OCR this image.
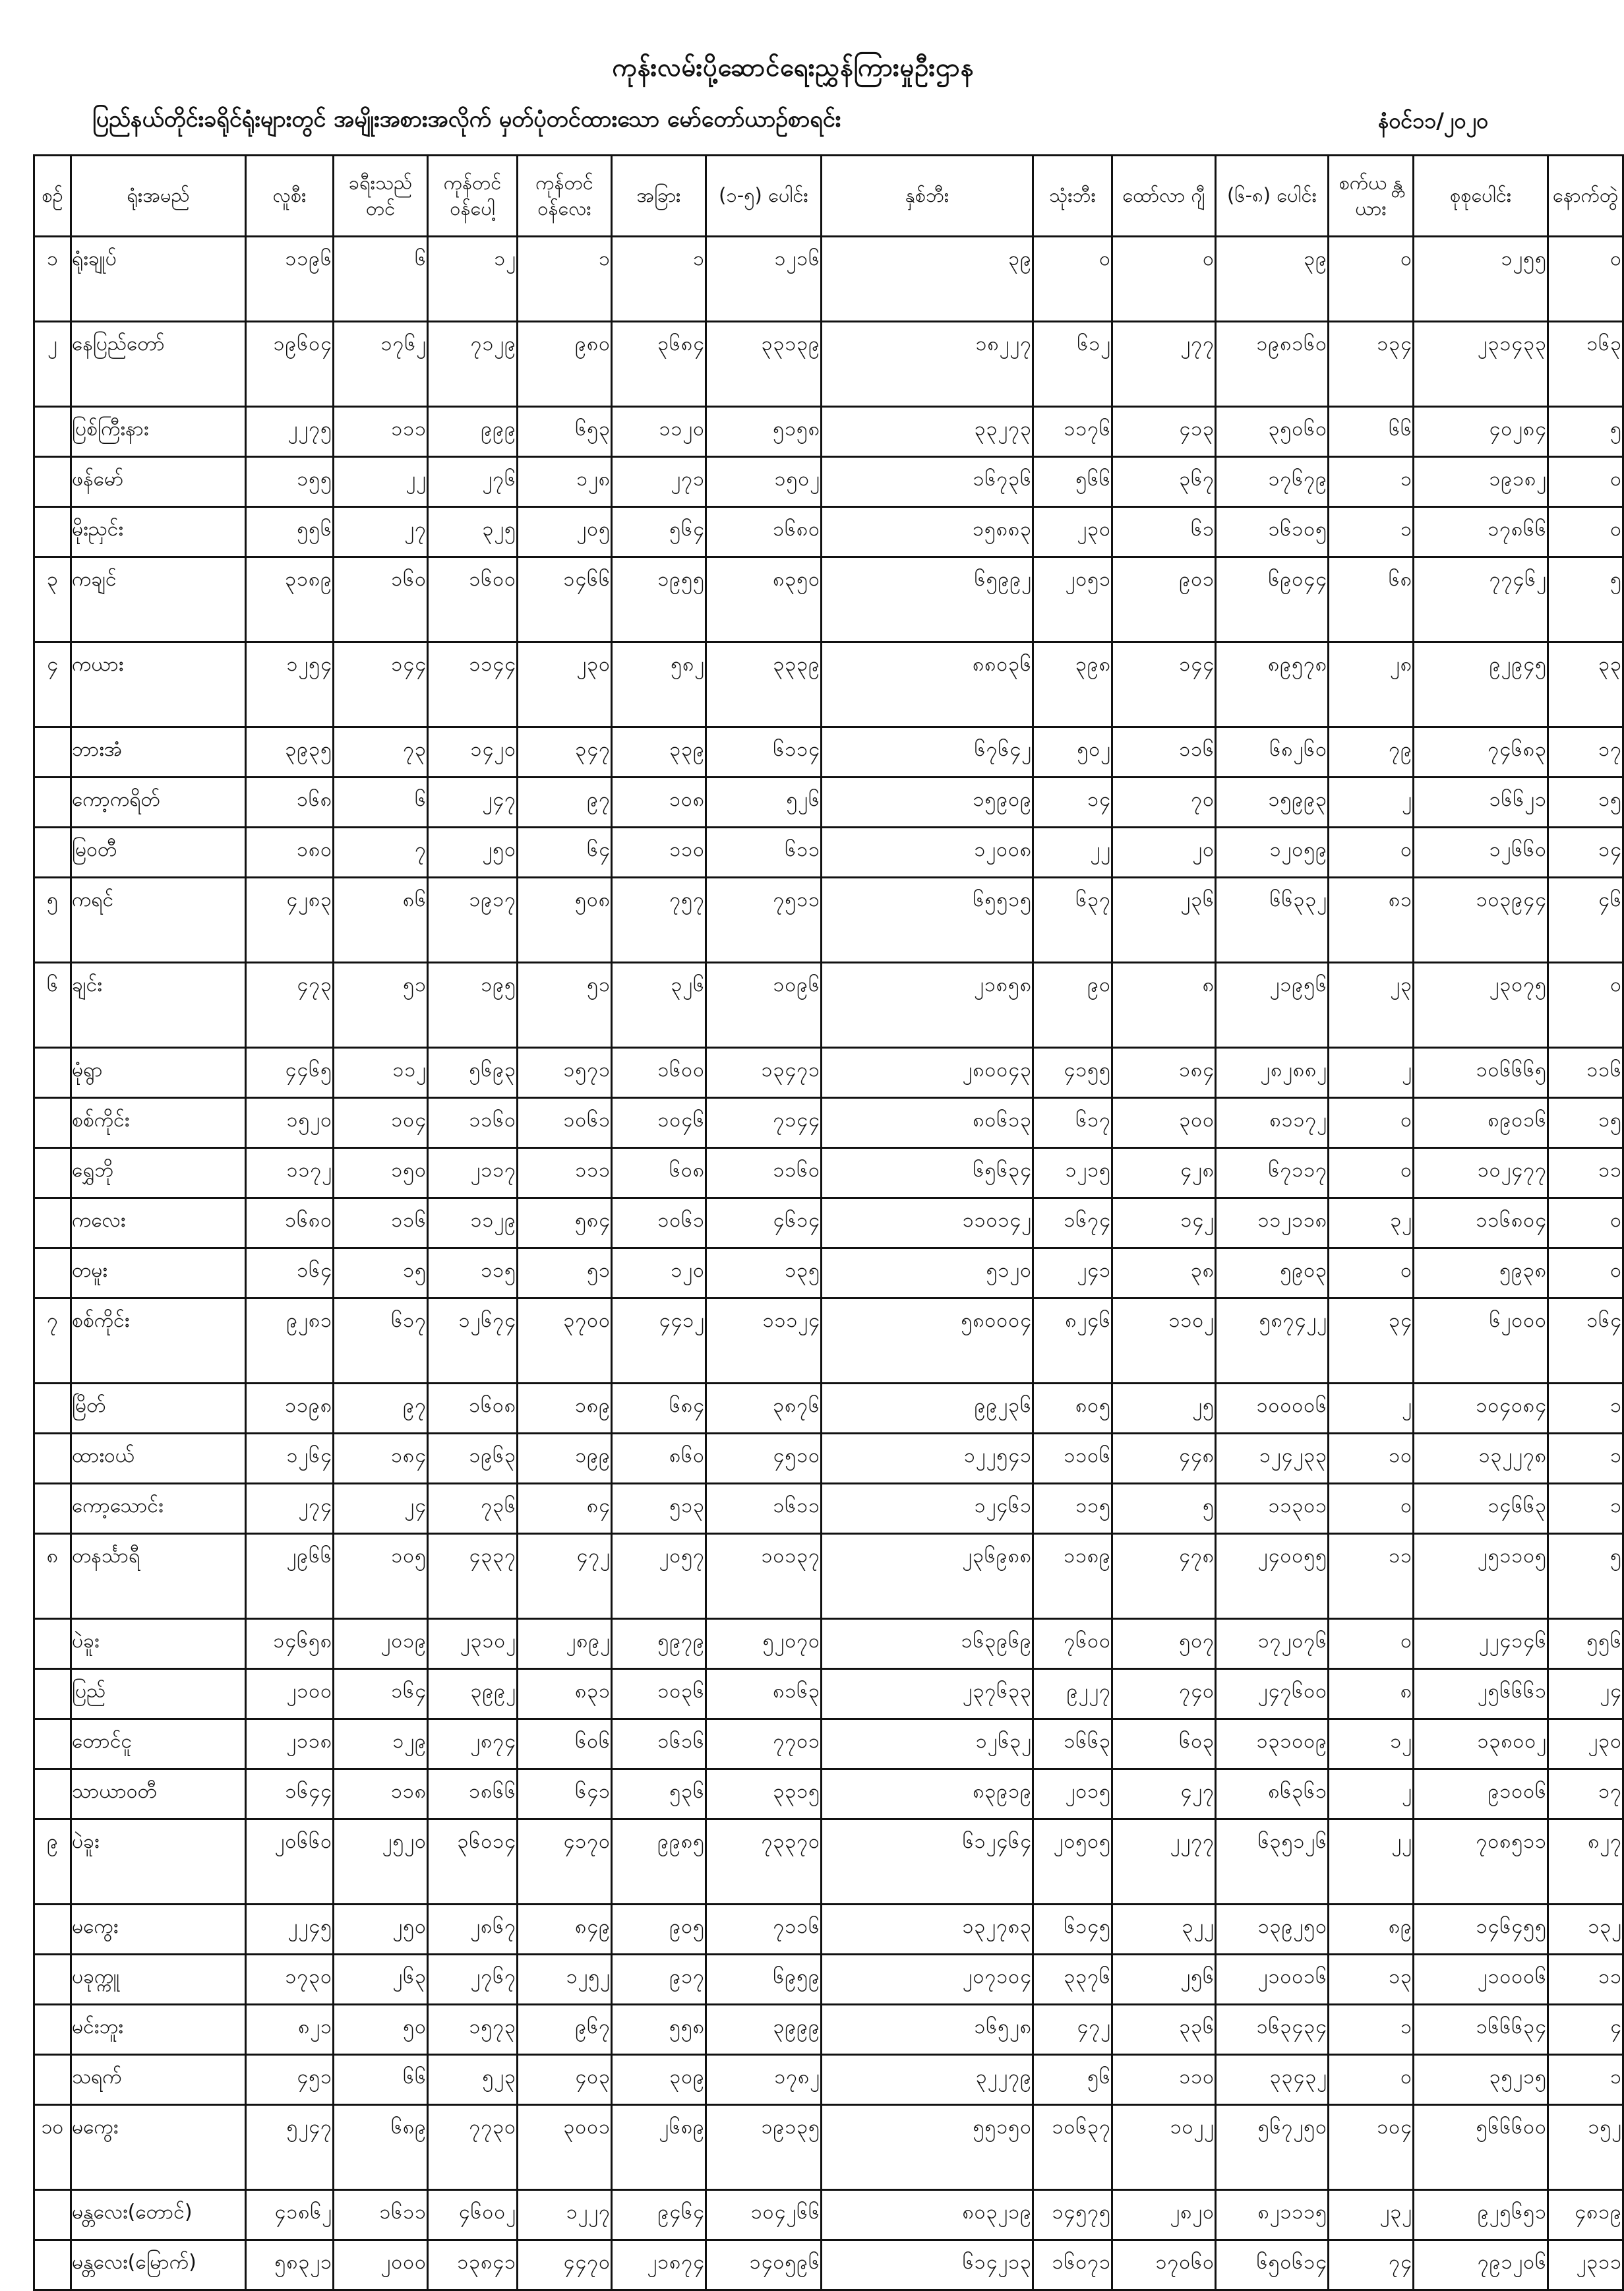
ကုန်းလမ်းပို့ဆောင်ရေးညွှန်ကြားမှုဦးဌာန
ပြည်နယ်တိုင်းခရိုင်ရုံးများတွင် အမျိုးအစားအလိုက် မှတ်ပုံတင်ထားသော မော်တော်ယာဉ်စာရင်း	နံဝင်၁၁/၂၀၂၀
စဉ်	ရုံးအမည်	လူစီး	ခရီးသည် တင်	ကုန်တင် ဝန်ပေါ့	ကုန်တင် ဝန်လေး	အခြား	(၁-၅) ပေါင်း	နှစ်ဘီး	သုံးဘီး	ထော်လာ ဂျီ	(၆-၈) ပေါင်း	စက်ယ န္တယား	စုစုပေါင်း	နောက်တွဲ
၁	ရုံးချုပ်	၁၁၉၆	၆	၁၂	၁	၁	၁၂၁၆	၃၉	၀	၀	၃၉	၀	၁၂၅၅	၀
၂	နေပြည်တော်	၁၉၆၀၄	၁၇၆၂	၇၁၂၉	၉၈၀	၃၆၈၄	၃၃၁၃၉	၁၈၂၂၇	၆၁၂	၂၇၇	၁၉၈၁၆၀	၁၃၄	၂၃၁၄၃၃	၁၆၃
	ပြစ်ကြီးနား	၂၂၇၅	၁၁၁	၉၉၉	၆၅၃	၁၁၂၀	၅၁၅၈	၃၃၂၇၃	၁၁၇၆	၄၁၃	၃၅၀၆၀	၆၆	၄၀၂၈၄	၅
	ဖန်မော်	၁၅၅	၂၂	၂၇၆	၁၂၈	၂၇၁	၁၅၀၂	၁၆၇၃၆	၅၆၆	၃၆၇	၁၇၆၇၉	၁	၁၉၁၈၂	၀
	မိုးညှင်း	၅၅၆	၂၇	၃၂၅	၂၀၅	၅၆၄	၁၆၈၀	၁၅၈၈၃	၂၃၀	၆၁	၁၆၁၀၅	၁	၁၇၈၆၆	၀
၃	ကချင်	၃၁၈၉	၁၆၀	၁၆၀၀	၁၄၆၆	၁၉၅၅	၈၃၅၀	၆၅၉၉၂	၂၀၅၁	၉၀၁	၆၉၀၄၄	၆၈	၇၇၄၆၂	၅
၄	ကယား	၁၂၅၄	၁၄၄	၁၁၄၄	၂၃၀	၅၈၂	၃၃၃၉	၈၈၀၃၆	၃၉၈	၁၄၄	၈၉၅၇၈	၂၈	၉၂၉၄၅	၃၃
	ဘားအံ	၃၉၃၅	၇၃	၁၄၂၀	၃၄၇	၃၃၉	၆၁၁၄	၆၇၆၄၂	၅၀၂	၁၁၆	၆၈၂၆၀	၇၉	၇၄၆၈၃	၁၇
	ကော့ကရိတ်	၁၆၈	၆	၂၄၇	၉၇	၁၀၈	၅၂၆	၁၅၉၀၉	၁၄	၇၀	၁၅၉၉၃	၂	၁၆၆၂၁	၁၅
	မြဝတီ	၁၈၀	၇	၂၅၀	၆၄	၁၁၀	၆၁၁	၁၂၀၀၈	၂၂	၂၀	၁၂၀၅၉	၀	၁၂၆၆၀	၁၄
၅	ကရင်	၄၂၈၃	၈၆	၁၉၁၇	၅၀၈	၇၅၇	၇၅၁၁	၆၅၅၁၅	၆၃၇	၂၃၆	၆၆၃၃၂	၈၁	၁၀၃၉၄၄	၄၆
၆	ချင်း	၄၇၃	၅၁	၁၉၅	၅၁	၃၂၆	၁၀၉၆	၂၁၈၅၈	၉၀	၈	၂၁၉၅၆	၂၃	၂၃၀၇၅	၀
	မုံရွာ	၄၄၆၅	၁၁၂	၅၆၉၃	၁၅၇၁	၁၆၀၀	၁၃၄၇၁	၂၈၀၀၄၃	၄၁၅၅	၁၈၄	၂၈၂၈၈၂	၂	၁၀၆၆၆၅	၁၁၆
	စစ်ကိုင်း	၁၅၂၀	၁၀၄	၁၁၆၀	၁၀၆၁	၁၀၄၆	၇၁၄၄	၈၀၆၁၃	၆၁၇	၃၀၀	၈၁၁၇၂	၀	၈၉၀၁၆	၁၅
	ရွှေဘို	၁၁၇၂	၁၅၀	၂၁၁၇	၁၁၁	၆၀၈	၁၁၆၀	၆၅၆၃၄	၁၂၁၅	၄၂၈	၆၇၁၁၇	၀	၁၀၂၄၇၇	၁၁
	ကလေး	၁၆၈၀	၁၁၆	၁၁၂၉	၅၈၄	၁၀၆၁	၄၆၁၄	၁၁၀၁၄၂	၁၆၇၄	၁၄၂	၁၁၂၁၁၈	၃၂	၁၁၆၈၀၄	၀
	တမူး	၁၆၄	၁၅	၁၁၅	၅၁	၁၂၀	၁၃၅	၅၁၂၀	၂၄၁	၃၈	၅၉၀၃	၀	၅၉၃၈	၀
၇	စစ်ကိုင်း	၉၂၈၁	၆၁၇	၁၂၆၇၄	၃၇၀၀	၄၄၁၂	၁၁၁၂၄	၅၈၀၀၀၄	၈၂၄၆	၁၁၀၂	၅၈၇၄၂၂	၃၄	၆၂၀၀၀	၁၆၄
	မြိတ်	၁၁၉၈	၉၇	၁၆၀၈	၁၈၉	၆၈၄	၃၈၇၆	၉၉၂၃၆	၈၀၅	၂၅	၁၀၀၀၀၆	၂	၁၀၄၀၈၄	၁
	ထားဝယ်	၁၂၆၄	၁၈၄	၁၉၆၃	၁၉၉	၈၆၀	၄၅၁၀	၁၂၂၅၄၁	၁၁၀၆	၄၄၈	၁၂၄၂၃၃	၁၀	၁၃၂၂၇၈	၁
	ကော့သောင်း	၂၇၄	၂၄	၇၃၆	၈၄	၅၁၃	၁၆၁၁	၁၂၄၆၁	၁၁၅	၅	၁၁၃၀၁	၀	၁၄၆၆၃	၁
၈	တနင်္သာရီ	၂၉၆၆	၁၀၅	၄၃၃၇	၄၇၂	၂၀၅၇	၁၀၁၃၇	၂၃၆၉၈၈	၁၁၈၉	၄၇၈	၂၄၀၀၅၅	၁၁	၂၅၁၁၀၅	၅
	ပဲခူး	၁၄၆၅၈	၂၀၁၉	၂၃၁၀၂	၂၈၉၂	၅၉၇၉	၅၂၀၇၀	၁၆၃၉၆၉	၇၆၀၀	၅၀၇	၁၇၂၀၇၆	၀	၂၂၄၁၄၆	၅၅၆
	ပြည်	၂၁၀၀	၁၆၄	၃၉၉၂	၈၃၁	၁၀၃၆	၈၁၆၃	၂၃၇၆၃၃	၉၂၂၇	၇၄၀	၂၄၇၆၀၀	၈	၂၅၆၆၆၁	၂၄
	တောင်ငူ	၂၁၁၈	၁၂၉	၂၈၇၄	၆၀၆	၁၆၁၆	၇၇၀၁	၁၂၆၃၂	၁၆၆၃	၆၀၃	၁၃၁၀၀၉	၁၂	၁၃၈၀၀၂	၂၃၀
	သာယာဝတီ	၁၆၄၄	၁၁၈	၁၈၆၆	၆၄၁	၅၃၆	၃၃၁၅	၈၃၉၁၉	၂၀၁၅	၄၂၇	၈၆၃၆၁	၂	၉၁၀၀၆	၁၇
၉	ပဲခူး	၂၀၆၆၀	၂၅၂၀	၃၆၀၁၄	၄၁၇၀	၉၉၈၅	၇၃၃၇၀	၆၁၂၄၆၄	၂၀၅၀၅	၂၂၇၇	၆၃၅၁၂၆	၂၂	၇၀၈၅၁၁	၈၂၇
	မကွေး	၂၂၄၅	၂၅၀	၂၈၆၇	၈၄၉	၉၀၅	၇၁၁၆	၁၃၂၇၈၃	၆၁၄၅	၃၂၂	၁၃၉၂၅၀	၈၉	၁၄၆၄၅၅	၁၃၂
	ပခုက္ကူ	၁၇၃၀	၂၆၃	၂၇၆၇	၁၂၅၂	၉၁၇	၆၉၅၉	၂၀၇၁၀၄	၃၃၇၆	၂၅၆	၂၁၀၀၁၆	၁၃	၂၁၀၀၀၆	၁၁
	မင်းဘူး	၈၂၁	၅၀	၁၅၇၃	၉၆၇	၅၅၈	၃၉၉၉	၁၆၅၂၈	၄၇၂	၃၃၆	၁၆၃၄၃၄	၁	၁၆၆၆၃၄	၄
	သရက်	၄၅၁	၆၆	၅၂၃	၄၀၃	၃၀၉	၁၇၈၂	၃၂၂၇၉	၅၆	၁၁၀	၃၃၄၃၂	၀	၃၅၂၁၅	၁
၁၀	မကွေး	၅၂၄၇	၆၈၉	၇၇၃၀	၃၀၀၁	၂၆၈၉	၁၉၁၃၅	၅၅၁၅၀	၁၀၆၃၇	၁၀၂၂	၅၆၇၂၅၀	၁၀၄	၅၆၆၆၀၀	၁၅၂
	မန္တလေး(တောင်)	၄၁၈၆၂	၁၆၁၁	၄၆၀၀၂	၁၂၂၇	၉၄၆၄	၁၀၄၂၆၆	၈၀၃၂၁၉	၁၄၅၇၅	၂၈၂၀	၈၂၁၁၁၅	၂၃၂	၉၂၅၆၅၁	၄၈၁၉
	မန္တလေး(မြောက်)	၅၈၃၂၁	၂၀၀၀	၁၃၈၄၁	၄၄၇၀	၂၁၈၇၄	၁၄၀၅၉၆	၆၁၄၂၁၃	၁၆၀၇၁	၁၇၀၆၀	၆၅၀၆၁၄	၇၄	၇၉၁၂၀၆	၂၃၁၁
